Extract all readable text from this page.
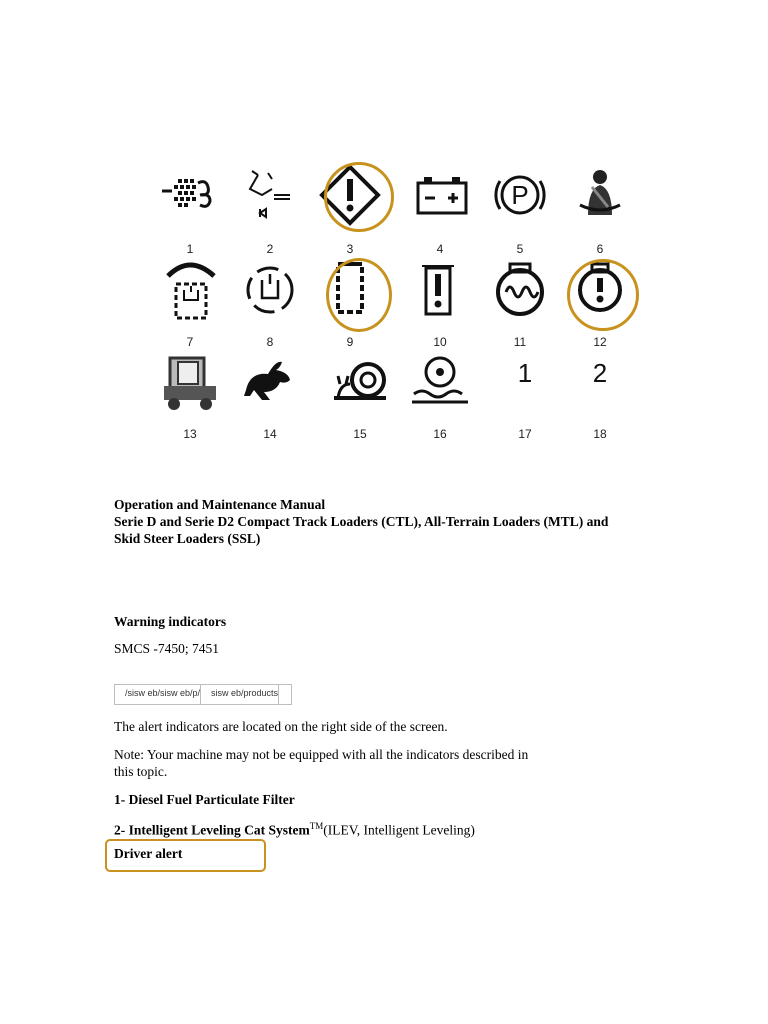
1	2	3	4
P
5	6
7	8	9	10	11	12
13	14	15	16
1
17
2
18
Operation and Maintenance Manual
Serie D and Serie D2 Compact Track Loaders (CTL), All-Terrain Loaders (MTL) and
Skid Steer Loaders (SSL)
Warning indicators
SMCS -7450; 7451
/sisw eb/sisw eb/p/	sisw eb/products
The alert indicators are located on the right side of the screen.
Note: Your machine may not be equipped with all the indicators described in
this topic.
1- Diesel Fuel Particulate Filter
2- Intelligent Leveling Cat System™(ILEV, Intelligent Leveling)
Driver alert
